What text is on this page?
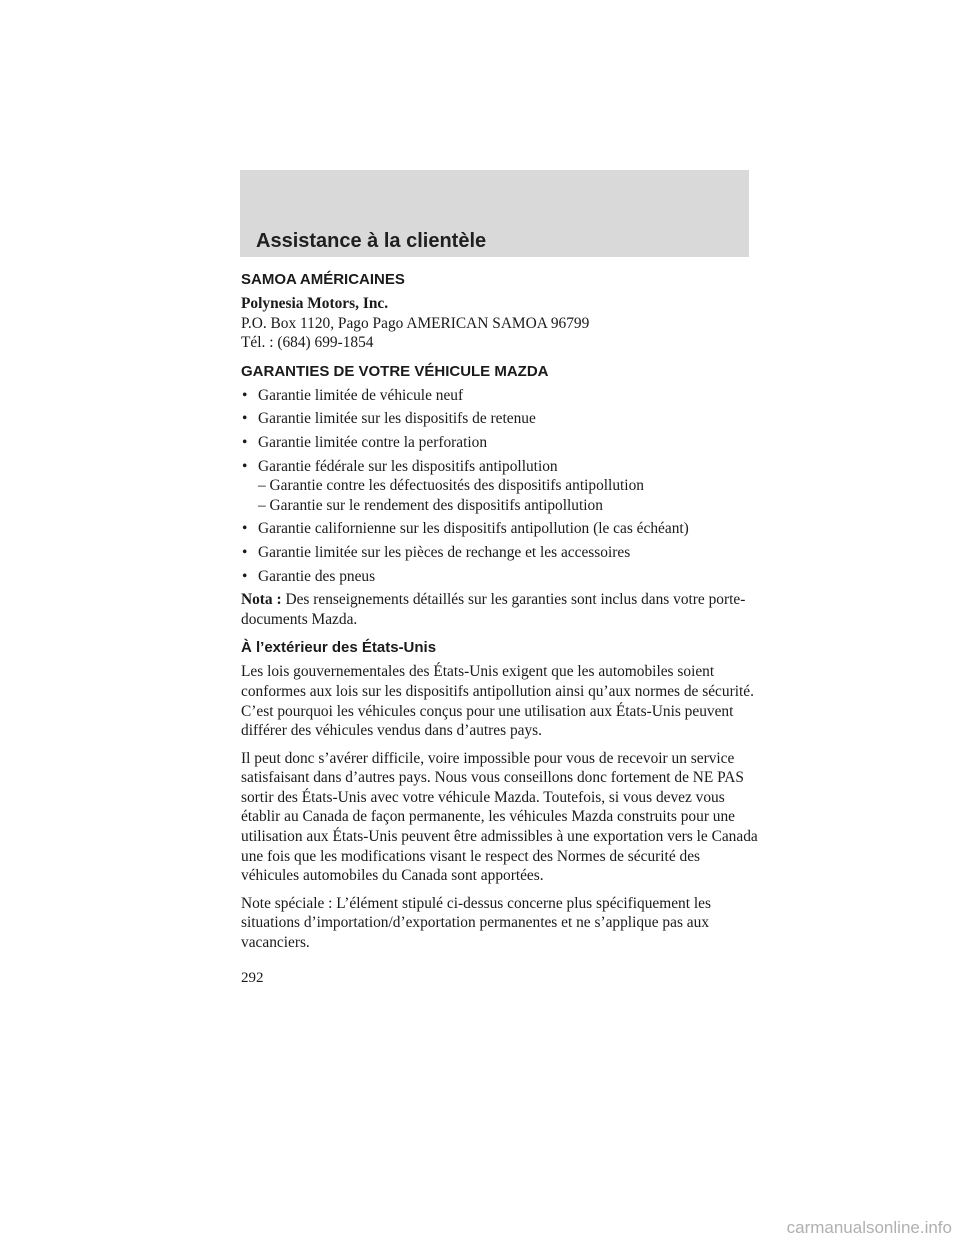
Assistance à la clientèle
SAMOA AMÉRICAINES

Polynesia Motors, Inc.

P.O. Box 1120, Pago Pago AMERICAN SAMOA 96799

Tél. : (684) 699-1854

GARANTIES DE VOTRE VÉHICULE MAZDA
• Garantie limitée de véhicule neuf
• Garantie limitée sur les dispositifs de retenue
• Garantie limitée contre la perforation
• Garantie fédérale sur les dispositifs antipollution
– Garantie contre les défectuosités des dispositifs antipollution
– Garantie sur le rendement des dispositifs antipollution
• Garantie californienne sur les dispositifs antipollution (le cas échéant)
• Garantie limitée sur les pièces de rechange et les accessoires
• Garantie des pneus

Nota : Des renseignements détaillés sur les garanties sont inclus dans votre porte-documents Mazda.

À l’extérieur des États-Unis

Les lois gouvernementales des États-Unis exigent que les automobiles soient conformes aux lois sur les dispositifs antipollution ainsi qu’aux normes de sécurité. C’est pourquoi les véhicules conçus pour une utilisation aux États-Unis peuvent différer des véhicules vendus dans d’autres pays.

Il peut donc s’avérer difficile, voire impossible pour vous de recevoir un service satisfaisant dans d’autres pays. Nous vous conseillons donc fortement de NE PAS sortir des États-Unis avec votre véhicule Mazda. Toutefois, si vous devez vous établir au Canada de façon permanente, les véhicules Mazda construits pour une utilisation aux États-Unis peuvent être admissibles à une exportation vers le Canada une fois que les modifications visant le respect des Normes de sécurité des véhicules automobiles du Canada sont apportées.

Note spéciale : L’élément stipulé ci-dessus concerne plus spécifiquement les situations d’importation/d’exportation permanentes et ne s’applique pas aux vacanciers.

292
carmanualsonline.info
